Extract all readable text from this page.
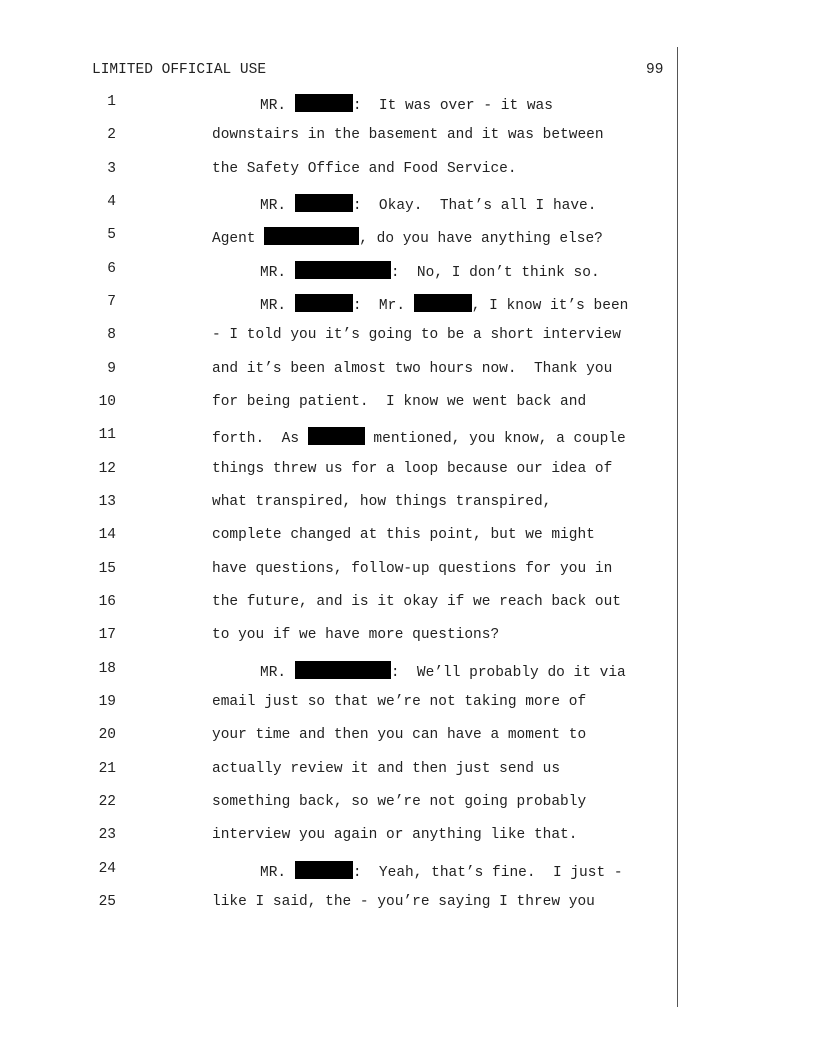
LIMITED OFFICIAL USE	99
1	MR.	:  It was over - it was
2	downstairs in the basement and it was between
3	the Safety Office and Food Service.
4	MR.	:  Okay.  That’s all I have.
5	Agent	, do you have anything else?
6	MR.	:  No, I don’t think so.
7	MR.	:  Mr.	, I know it’s been
8	- I told you it’s going to be a short interview
9	and it’s been almost two hours now.  Thank you
10	for being patient.  I know we went back and
11	forth.  As	mentioned, you know, a couple
12	things threw us for a loop because our idea of
13	what transpired, how things transpired,
14	complete changed at this point, but we might
15	have questions, follow-up questions for you in
16	the future, and is it okay if we reach back out
17	to you if we have more questions?
18	MR.	:  We’ll probably do it via
19	email just so that we’re not taking more of
20	your time and then you can have a moment to
21	actually review it and then just send us
22	something back, so we’re not going probably
23	interview you again or anything like that.
24	MR.	:  Yeah, that’s fine.  I just -
25	like I said, the - you’re saying I threw you
